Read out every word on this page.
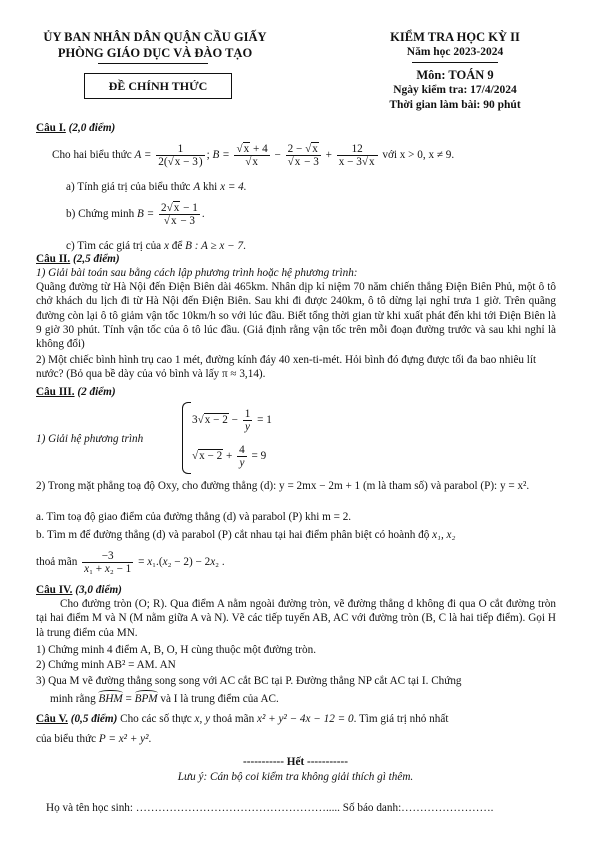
ỦY BAN NHÂN DÂN QUẬN CẦU GIẤY
PHÒNG GIÁO DỤC VÀ ĐÀO TẠO
ĐỀ CHÍNH THỨC
KIỂM TRA HỌC KỲ II
Năm học 2023-2024
Môn: TOÁN 9
Ngày kiểm tra: 17/4/2024
Thời gian làm bài: 90 phút
Câu I. (2,0 điểm)
Cho hai biểu thức $A = \frac{1}{2(√x - 3)}$ ; $B = \frac{√x + 4}{√x} - \frac{2 - √x}{√x - 3} + \frac{12}{x - 3√x}$ với x > 0, x ≠ 9.
a) Tính giá trị của biểu thức A khi x = 4.
b) Chứng minh $B = \frac{2√x - 1}{√x - 3}$ .
c) Tìm các giá trị của x để B : A ≥ x − 7.
Câu II. (2,5 điểm)
1) Giải bài toán sau bằng cách lập phương trình hoặc hệ phương trình:
Quãng đường từ Hà Nội đến Điện Biên dài 465km. Nhân dịp kỉ niệm 70 năm chiến thắng Điện Biên Phủ, một ô tô chở khách du lịch đi từ Hà Nội đến Điện Biên. Sau khi đi được 240km, ô tô dừng lại nghỉ trưa 1 giờ. Trên quãng đường còn lại ô tô giảm vận tốc 10km/h so với lúc đầu. Biết tổng thời gian từ khi xuất phát đến khi tới Điện Biên là 9 giờ 30 phút. Tính vận tốc của ô tô lúc đầu. (Giả định rằng vận tốc trên mỗi đoạn đường trước và sau khi nghỉ là không đổi)
2) Một chiếc bình hình trụ cao 1 mét, đường kính đáy 40 xen-ti-mét. Hỏi bình đó đựng được tối đa bao nhiêu lít nước? (Bỏ qua bề dày của vỏ bình và lấy π ≈ 3,14).
Câu III. (2 điểm)
1) Giải hệ phương trình
$3√x - 2 - \frac{1}{y} = 1$
$√x - 2 + \frac{4}{y} = 9$
2) Trong mặt phẳng toạ độ Oxy, cho đường thẳng (d): y = 2mx − 2m + 1 (m là tham số) và parabol (P): y = x².
a. Tìm toạ độ giao điểm của đường thẳng (d) và parabol (P) khi m = 2.
b. Tìm m để đường thẳng (d) và parabol (P) cắt nhau tại hai điểm phân biệt có hoành độ x₁, x₂
thoả mãn $\frac{-3}{\text{x₁ + x₂ − 1}} = x_1.(x_2 - 2) - 2x_2$ .
Câu IV. (3,0 điểm)
Cho đường tròn (O; R). Qua điểm A nằm ngoài đường tròn, vẽ đường thẳng d không đi qua O cắt đường tròn tại hai điểm M và N (M nằm giữa A và N). Vẽ các tiếp tuyến AB, AC với đường tròn (B, C là hai tiếp điểm). Gọi H là trung điểm của MN.
1) Chứng minh 4 điểm A, B, O, H cùng thuộc một đường tròn.
2) Chứng minh AB² = AM. AN
3) Qua M vẽ đường thẳng song song với AC cắt BC tại P. Đường thẳng NP cắt AC tại I. Chứng
minh rằng BHM = BPM và I là trung điểm của AC.
Câu V. (0,5 điểm) Cho các số thực x, y thoả mãn x² + y² − 4x − 12 = 0. Tìm giá trị nhỏ nhất
của biểu thức P = x² + y².
----------- Hết -----------
Lưu ý: Cán bộ coi kiểm tra không giải thích gì thêm.
Họ và tên học sinh: ……………………………………………..... Số báo danh:…………………….
